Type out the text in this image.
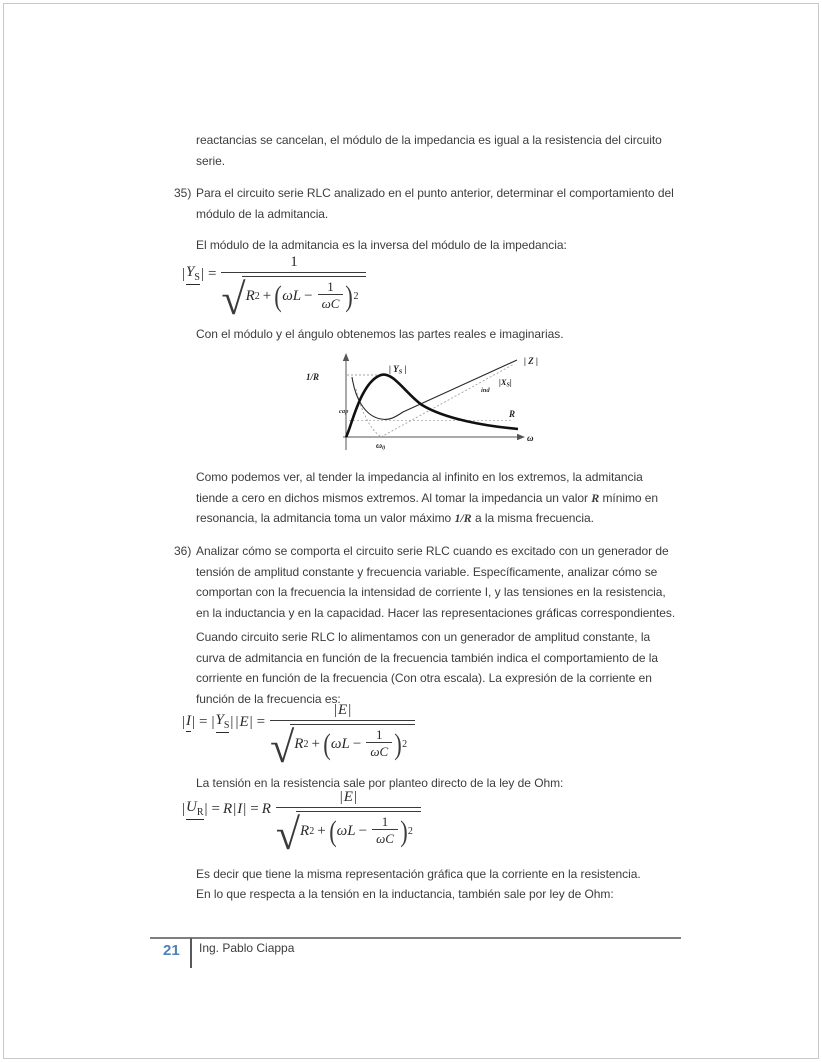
reactancias se cancelan, el módulo de la impedancia es igual a la resistencia del circuito serie.
35) Para el circuito serie RLC analizado en el punto anterior, determinar el comportamiento del módulo de la admitancia.
El módulo de la admitancia es la inversa del módulo de la impedancia:
| $Y_S$ | =
1
√ R 2 + ( $\omega L - \frac{1}{\omega C}$ ) 2
Con el módulo y el ángulo obtenemos las partes reales e imaginarias.
1/R
| YS |
| Z |
|XS|
ind
cap	R
ω0
ω
Como podemos ver, al tender la impedancia al infinito en los extremos, la admitancia tiende a cero en dichos mismos extremos. Al tomar la impedancia un valor R mínimo en resonancia, la admitancia toma un valor máximo 1/R a la misma frecuencia.
36) Analizar cómo se comporta el circuito serie RLC cuando es excitado con un generador de tensión de amplitud constante y frecuencia variable. Específicamente, analizar cómo se comportan con la frecuencia la intensidad de corriente I, y las tensiones en la resistencia, en la inductancia y en la capacidad. Hacer las representaciones gráficas correspondientes.
Cuando circuito serie RLC lo alimentamos con un generador de amplitud constante, la curva de admitancia en función de la frecuencia también indica el comportamiento de la corriente en función de la frecuencia (Con otra escala). La expresión de la corriente en función de la frecuencia es:
| I | = | $Y_S$ | | E | =
|E|
√ R 2 + ( $\omega L - \frac{1}{\omega C}$ ) 2
La tensión en la resistencia sale por planteo directo de la ley de Ohm:
| $U_R$ | = R | I | = R
|E|
√ R 2 + ( $\omega L - \frac{1}{\omega C}$ ) 2
Es decir que tiene la misma representación gráfica que la corriente en la resistencia.
En lo que respecta a la tensión en la inductancia, también sale por ley de Ohm:
21 Ing. Pablo Ciappa
